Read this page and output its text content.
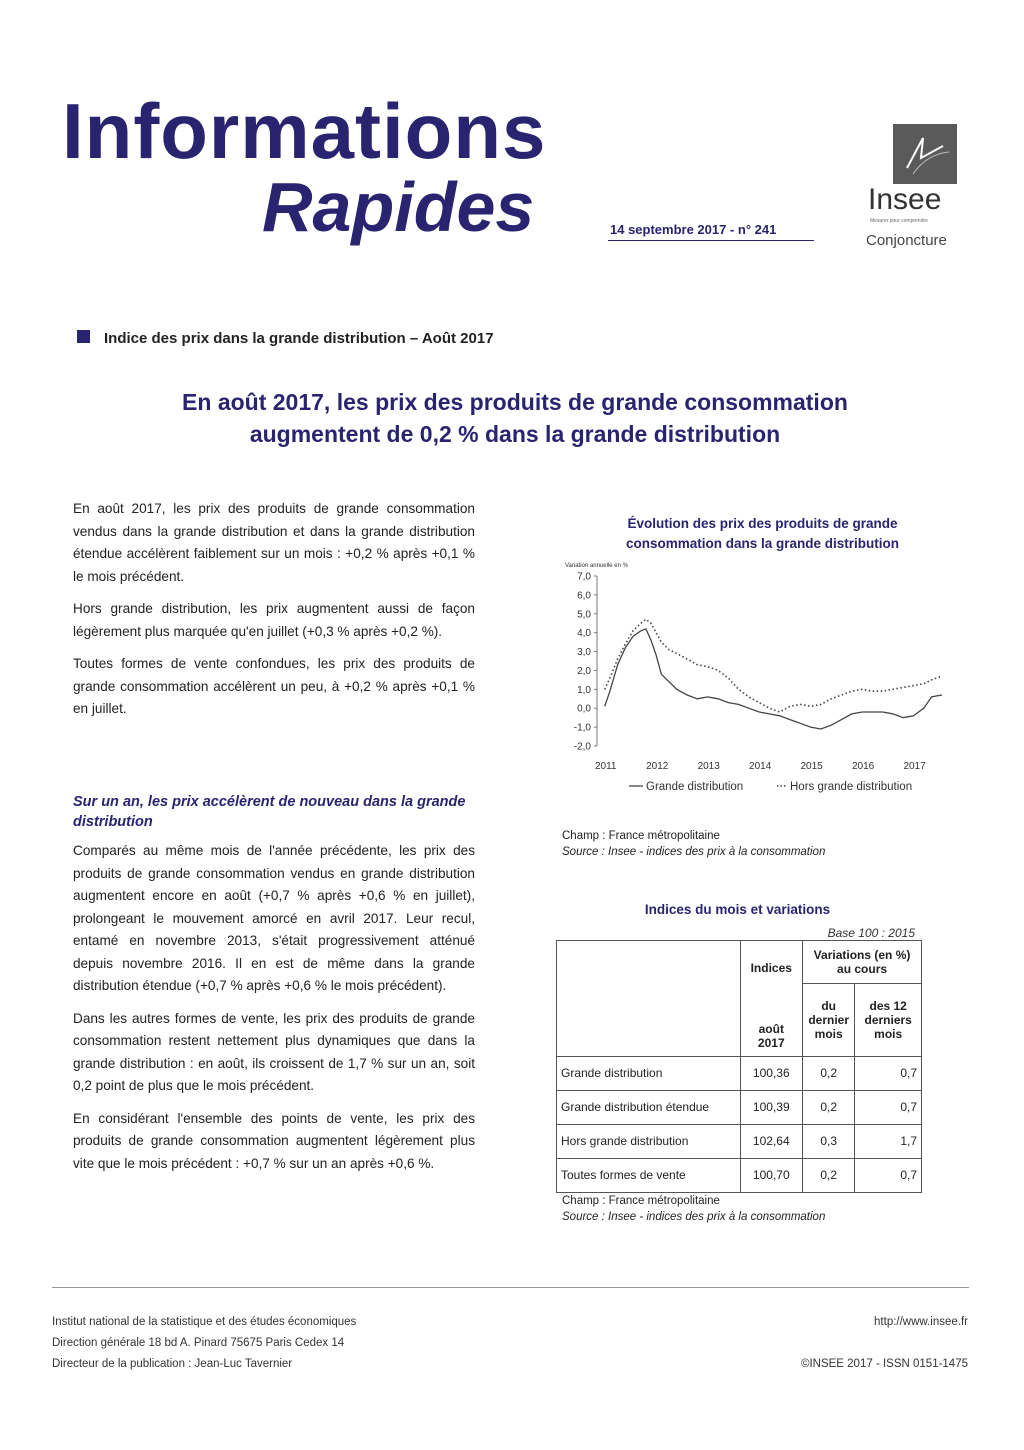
Informations
Rapides	14 septembre 2017 - n° 241
Insee
Mesurer pour comprendre
Conjoncture
Indice des prix dans la grande distribution – Août 2017
En août 2017, les prix des produits de grande consommation augmentent de 0,2 % dans la grande distribution

En août 2017, les prix des produits de grande consommation vendus dans la grande distribution et dans la grande distribution étendue accélèrent faiblement sur un mois : +0,2 % après +0,1 % le mois précédent.

Hors grande distribution, les prix augmentent aussi de façon légèrement plus marquée qu'en juillet (+0,3 % après +0,2 %).

Toutes formes de vente confondues, les prix des produits de grande consommation accélèrent un peu, à +0,2 % après +0,1 % en juillet.

Sur un an, les prix accélèrent de nouveau dans la grande distribution

Comparés au même mois de l'année précédente, les prix des produits de grande consommation vendus en grande distribution augmentent encore en août (+0,7 % après +0,6 % en juillet), prolongeant le mouvement amorcé en avril 2017. Leur recul, entamé en novembre 2013, s'était progressivement atténué depuis novembre 2016. Il en est de même dans la grande distribution étendue (+0,7 % après +0,6 % le mois précédent).

Dans les autres formes de vente, les prix des produits de grande consommation restent nettement plus dynamiques que dans la grande distribution : en août, ils croissent de 1,7 % sur un an, soit 0,2 point de plus que le mois précédent.

En considérant l'ensemble des points de vente, les prix des produits de grande consommation augmentent légèrement plus vite que le mois précédent : +0,7 % sur un an après +0,6 %.

Évolution des prix des produits de grande consommation dans la grande distribution
Variation annuelle en %
7,0
6,0
5,0
4,0
3,0
2,0
1,0
0,0
-1,0
-2,0
2011	2012	2013	2014	2015	2016	2017
Grande distribution	Hors grande distribution
Champ : France métropolitaine
Source : Insee - indices des prix à la consommation
Indices du mois et variations
Base 100 : 2015
	Indices	Variations (en %) au cours	
	août 2017	du dernier mois	des 12 derniers mois
Grande distribution	100,36	0,2	0,7
Grande distribution étendue	100,39	0,2	0,7
Hors grande distribution	102,64	0,3	1,7
Toutes formes de vente	100,70	0,2	0,7
Champ : France métropolitaine
Source : Insee - indices des prix à la consommation
Institut national de la statistique et des études économiques
Direction générale 18 bd A. Pinard 75675 Paris Cedex 14
Directeur de la publication : Jean-Luc Tavernier
http://www.insee.fr
©INSEE 2017 - ISSN 0151-1475
